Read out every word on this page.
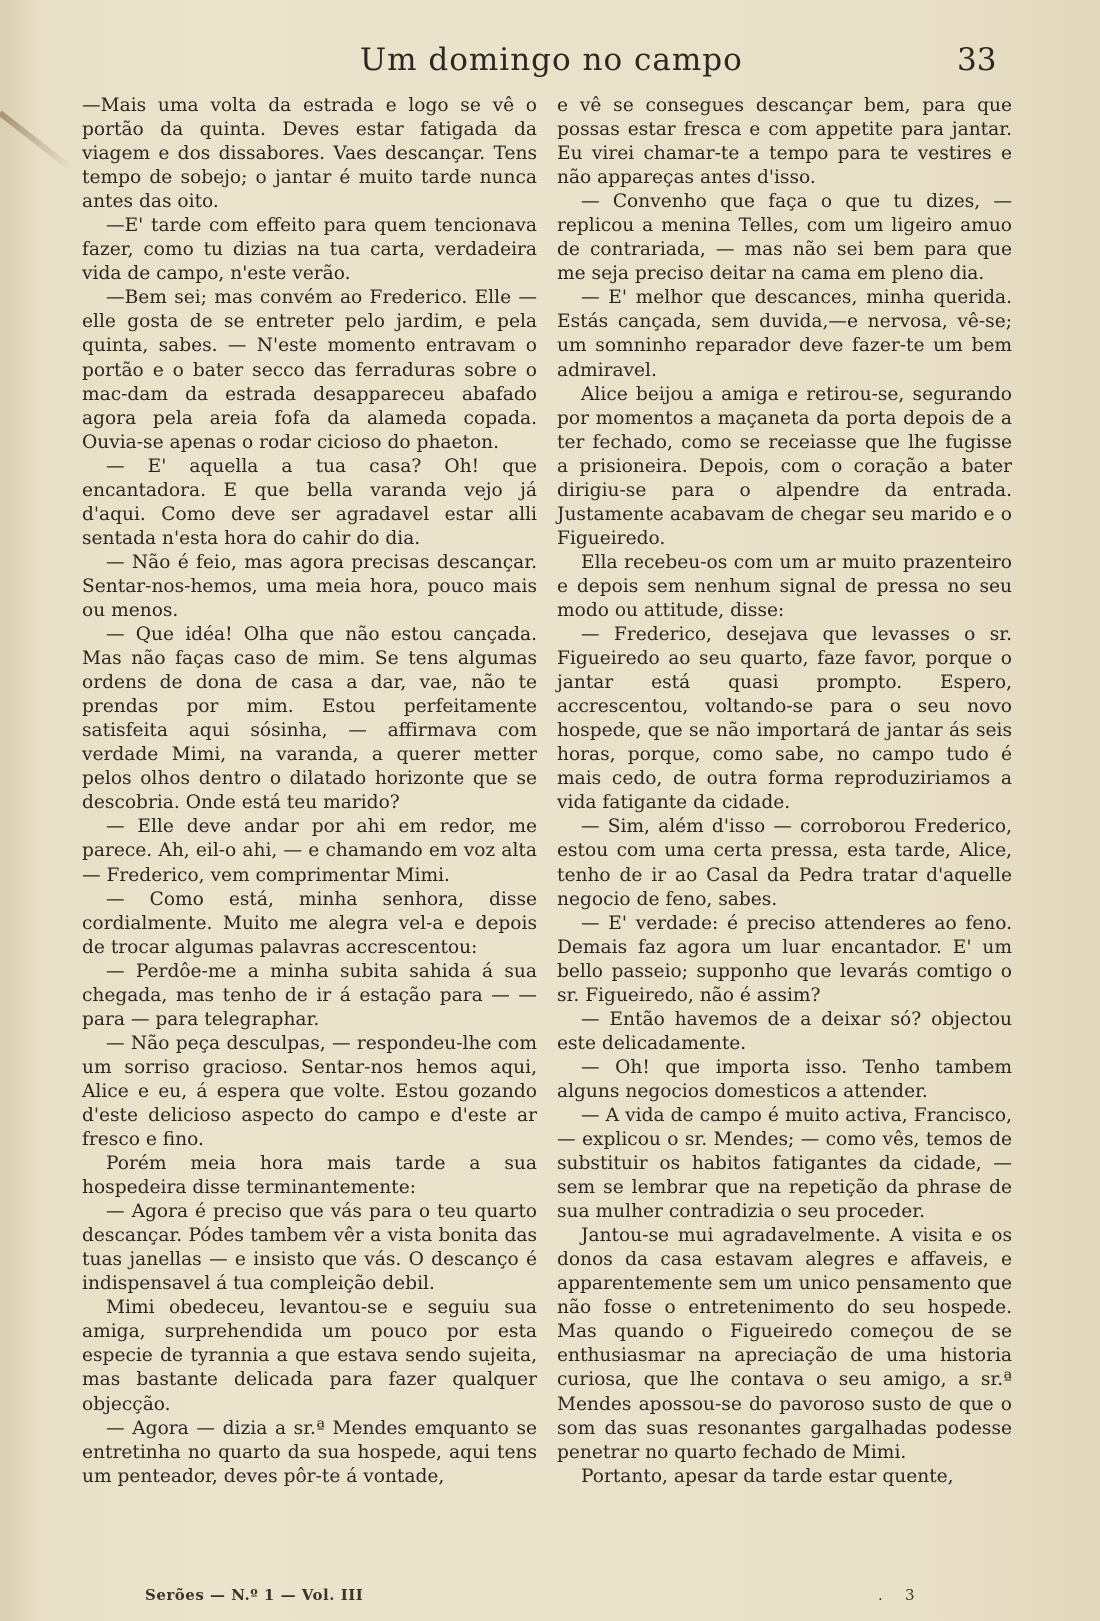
Um domingo no campo	33

—Mais uma volta da estrada e logo se vê o portão da quinta. Deves estar fatigada da viagem e dos dissabores. Vaes descançar. Tens tempo de sobejo; o jantar é muito tarde nunca antes das oito.

—E' tarde com effeito para quem tencionava fazer, como tu dizias na tua carta, verdadeira vida de campo, n'este verão.

—Bem sei; mas convém ao Frederico. Elle — elle gosta de se entreter pelo jardim, e pela quinta, sabes. — N'este momento entravam o portão e o bater secco das ferraduras sobre o mac-dam da estrada desapparecеu abafado agora pela areia fofa da alameda copada. Ouvia-se apenas o rodar cicioso do phaeton.

— E' aquella a tua casa? Oh! que encantadora. E que bella varanda vejo já d'aqui. Como deve ser agradavel estar alli sentada n'esta hora do cahir do dia.

— Não é feio, mas agora precisas descançar. Sentar-nos-hemos, uma meia hora, pouco mais ou menos.

— Que idéa! Olha que não estou cançada. Mas não faças caso de mim. Se tens algumas ordens de dona de casa a dar, vae, não te prendas por mim. Estou perfeitamente satisfeita aqui sósinha, — affirmava com verdade Mimi, na varanda, a querer metter pelos olhos dentro o dilatado horizonte que se descobria. Onde está teu marido?

— Elle deve andar por ahi em redor, me parece. Ah, eil-o ahi, — e chamando em voz alta — Frederico, vem comprimentar Mimi.

— Como está, minha senhora, disse cordialmente. Muito me alegra vel-a e depois de trocar algumas palavras accrescentou:

— Perdôe-me a minha subita sahida á sua chegada, mas tenho de ir á estação para — — para — para telegraphar.

— Não peça desculpas, — respondeu-lhe com um sorriso gracioso. Sentar-nos hemos aqui, Alice e eu, á espera que volte. Estou gozando d'este delicioso aspecto do campo e d'este ar fresco e fino.

Porém meia hora mais tarde a sua hospedeira disse terminantemente:

— Agora é preciso que vás para o teu quarto descançar. Pódes tambem vêr a vista bonita das tuas janellas — e insisto que vás. O descanço é indispensavel á tua compleição debil.

Mimi obedeceu, levantou-se e seguiu sua amiga, surprehendida um pouco por esta especie de tyrannia a que estava sendo sujeita, mas bastante delicada para fazer qualquer objecção.

— Agora — dizia a sr.ª Mendes emquanto se entretinha no quarto da sua hospede, aqui tens um penteador, deves pôr-te á vontade,

e vê se consegues descançar bem, para que possas estar fresca e com appetite para jantar. Eu virei chamar-te a tempo para te vestires e não appareças antes d'isso.

— Convenho que faça o que tu dizes, — replicou a menina Telles, com um ligeiro amuo de contrariada, — mas não sei bem para que me seja preciso deitar na cama em pleno dia.

— E' melhor que descances, minha querida. Estás cançada, sem duvida,—e nervosa, vê-se; um somninho reparador deve fazer-te um bem admiravel.

Alice beijou a amiga e retirou-se, segurando por momentos a maçaneta da porta depois de a ter fechado, como se receiasse que lhe fugisse a prisioneira. Depois, com o coração a bater dirigiu-se para o alpendre da entrada. Justamente acabavam de chegar seu marido e o Figueiredo.

Ella recebeu-os com um ar muito prazenteiro e depois sem nenhum signal de pressa no seu modo ou attitude, disse:

— Frederico, desejava que levasses o sr. Figueiredo ao seu quarto, faze favor, porque o jantar está quasi prompto. Espero, accrescentou, voltando-se para o seu novo hospede, que se não importará de jantar ás seis horas, porque, como sabe, no campo tudo é mais cedo, de outra forma reproduziriamos a vida fatigante da cidade.

— Sim, além d'isso — corroborou Frederico, estou com uma certa pressa, esta tarde, Alice, tenho de ir ao Casal da Pedra tratar d'aquelle negocio de feno, sabes.

— E' verdade: é preciso attenderes ao feno. Demais faz agora um luar encantador. E' um bello passeio; supponho que levarás comtigo o sr. Figueiredo, não é assim?

— Então havemos de a deixar só? objectou este delicadamente.

— Oh! que importa isso. Tenho tambem alguns negocios domesticos a attender.

— A vida de campo é muito activa, Francisco, — explicou o sr. Mendes; — como vês, temos de substituir os habitos fatigantes da cidade, — sem se lembrar que na repetição da phrase de sua mulher contradizia o seu proceder.

Jantou-se mui agradavelmente. A visita e os donos da casa estavam alegres e affaveis, e apparentemente sem um unico pensamento que não fosse o entretenimento do seu hospede. Mas quando o Figueiredo começou de se enthusiasmar na apreciação de uma historia curiosa, que lhe contava o seu amigo, a sr.ª Mendes apossou-se do pavoroso susto de que o som das suas resonantes gargalhadas podesse penetrar no quarto fechado de Mimi.

Portanto, apesar da tarde estar quente,

Serões — N.º 1 — Vol. III	. 3
